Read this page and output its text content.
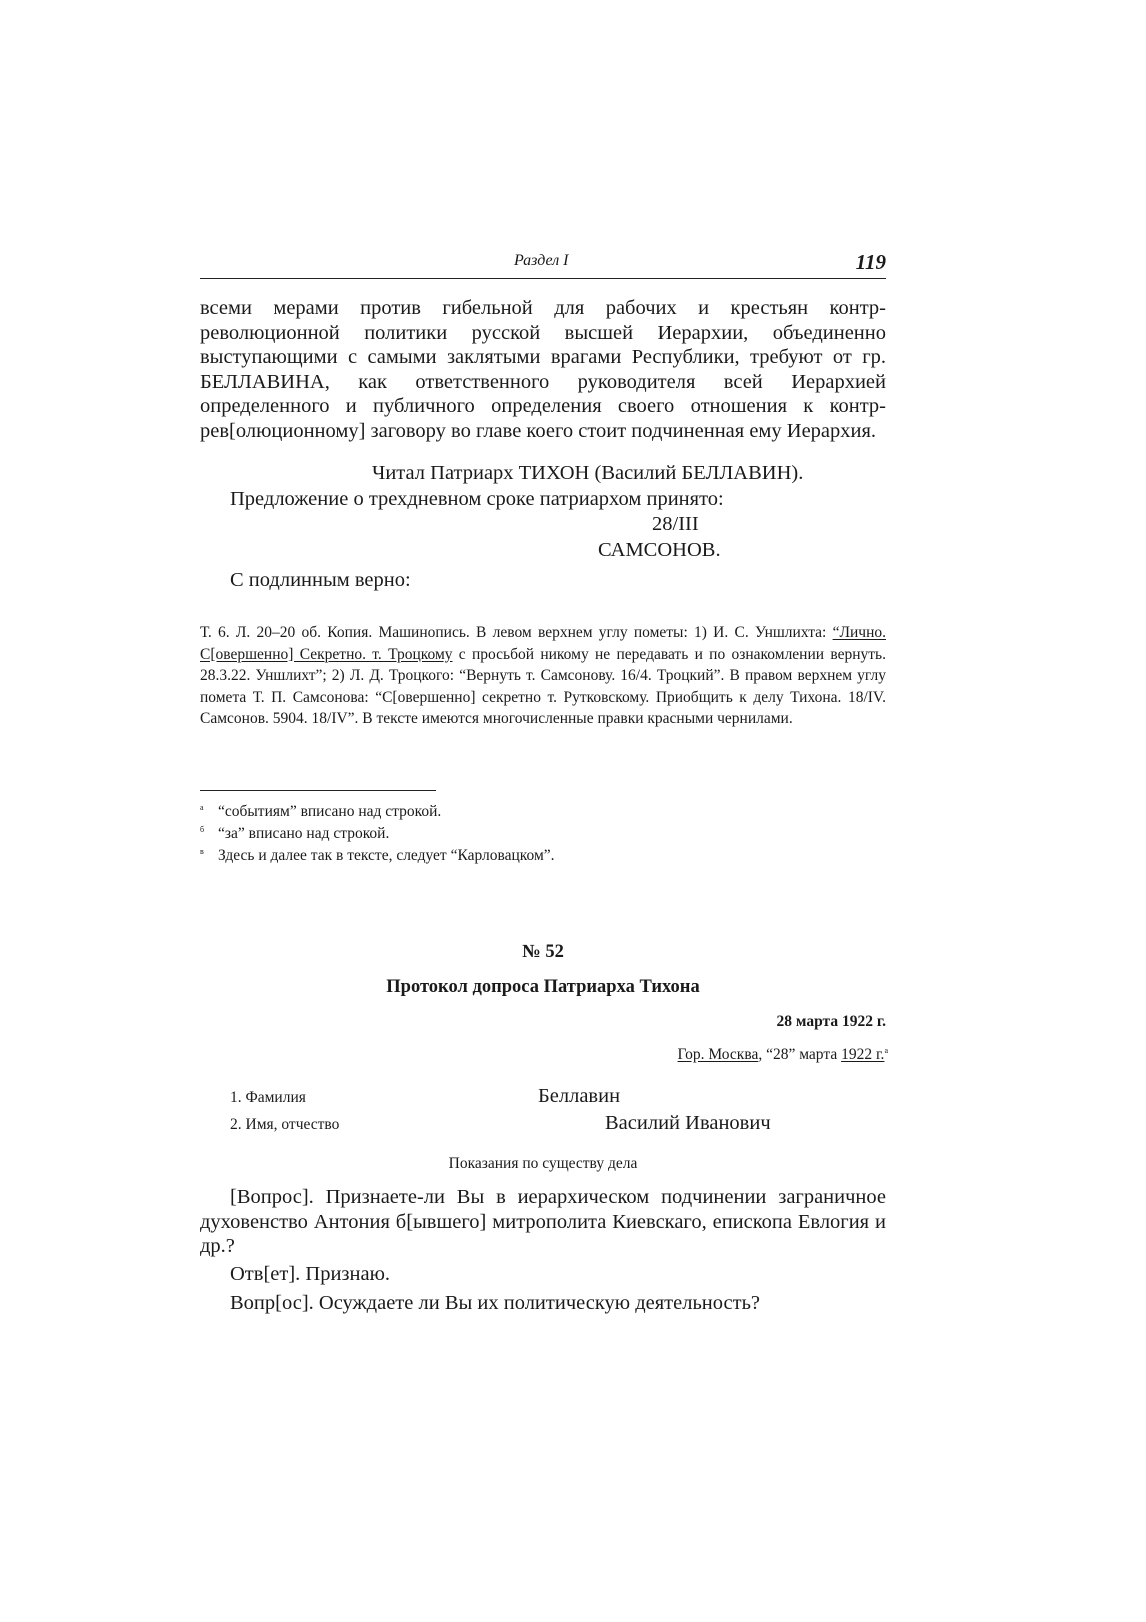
Раздел I	119

всеми мерами против гибельной для рабочих и крестьян контр-революционной политики русской высшей Иерархии, объединенно выступающими с самыми заклятыми врагами Республики, требуют от гр. БЕЛЛАВИНА, как ответственного руководителя всей Иерархией определенного и публичного определения своего отношения к контр-рев[олюционному] заговору во главе коего стоит подчиненная ему Иерархия.

Читал Патриарх ТИХОН (Василий БЕЛЛАВИН).
Предложение о трехдневном сроке патриархом принято:
28/III
САМСОНОВ.
С подлинным верно:

Т. 6. Л. 20–20 об. Копия. Машинопись. В левом верхнем углу пометы: 1) И. С. Уншлихта: “Лично. С[овершенно] Секретно. т. Троцкому с просьбой никому не передавать и по ознакомлении вернуть. 28.3.22. Уншлихт”; 2) Л. Д. Троцкого: “Вернуть т. Самсонову. 16/4. Троцкий”. В правом верхнем углу помета Т. П. Самсонова: “С[овершенно] секретно т. Рутковскому. Приобщить к делу Тихона. 18/IV. Самсонов. 5904. 18/IV”. В тексте имеются многочисленные правки красными чернилами.

$^а$ “событиям” вписано над строкой.
$^б$ “за” вписано над строкой.
$^в$ Здесь и далее так в тексте, следует “Карловацком”.
№ 52
Протокол допроса Патриарха Тихона
28 марта 1922 г.
Гор. Москва, “28” марта 1922 г.$^а$
1. Фамилия	Беллавин
2. Имя, отчество	Василий Иванович
Показания по существу дела

[Вопрос]. Признаете-ли Вы в иерархическом подчинении заграничное духовенство Антония б[ывшего] митрополита Киевскаго, епископа Евлогия и др.?

Отв[ет]. Признаю.
Вопр[ос]. Осуждаете ли Вы их политическую деятельность?
